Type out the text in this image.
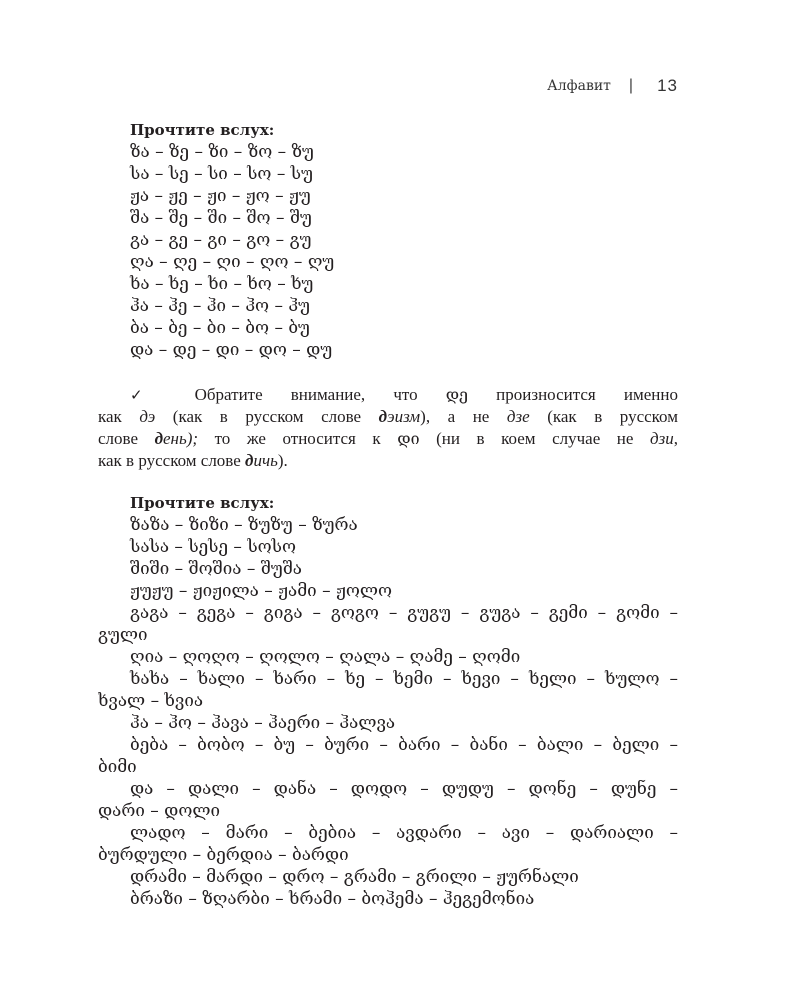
Алфавит | 13
Прочтите вслух:
ზა – ზე – ზი – ზო – ზუ
სა – სე – სი – სო – სუ
ჟა – ჟე – ჟი – ჟო – ჟუ
შა – შე – ში – შო – შუ
გა – გე – გი – გო – გუ
ღა – ღე – ღი – ღო – ღუ
ხა – ხე – ხი – ხო – ხუ
ჰა – ჰე – ჰი – ჰო – ჰუ
ბა – ბე – ბი – ბო – ბუ
და – დე – დი – დო – დუ
✓ Обратите внимание, что დე произносится именно
как дэ (как в русском слове дэизм), а не дзе (как в русском
слове день); то же относится к დი (ни в коем случае не дзи,
как в русском слове дичь).
Прочтите вслух:
ზაზა – ზიზი – ზუზუ – ზურა
სასა – სესე – სოსო
შიში – შოშია – შუშა
ჟუჟუ – ჟიჟილა – ჟამი – ჟოლო
გაგა – გეგა – გიგა – გოგო – გუგუ – გუგა – გემი – გომი –
გული
ღია – ღოღო – ღოლო – ღალა – ღამე – ღომი
ხახა – ხალი – ხარი – ხე – ხემი – ხევი – ხელი – ხულო –
ხვალ – ხვია
ჰა – ჰო – ჰავა – ჰაერი – ჰალვა
ბება – ბობო – ბუ – ბური – ბარი – ბანი – ბალი – ბელი –
ბიმი
და – დალი – დანა – დოდო – დუდუ – დონე – დუნე –
დარი – დოლი
ლადო – მარი – ბებია – ავდარი – ავი – დარიალი –
ბურდული – ბერდია – ბარდი
დრამი – მარდი – დრო – გრამი – გრილი – ჟურნალი
ბრაზი – ზღარბი – ხრამი – ბოჰემა – ჰეგემონია
